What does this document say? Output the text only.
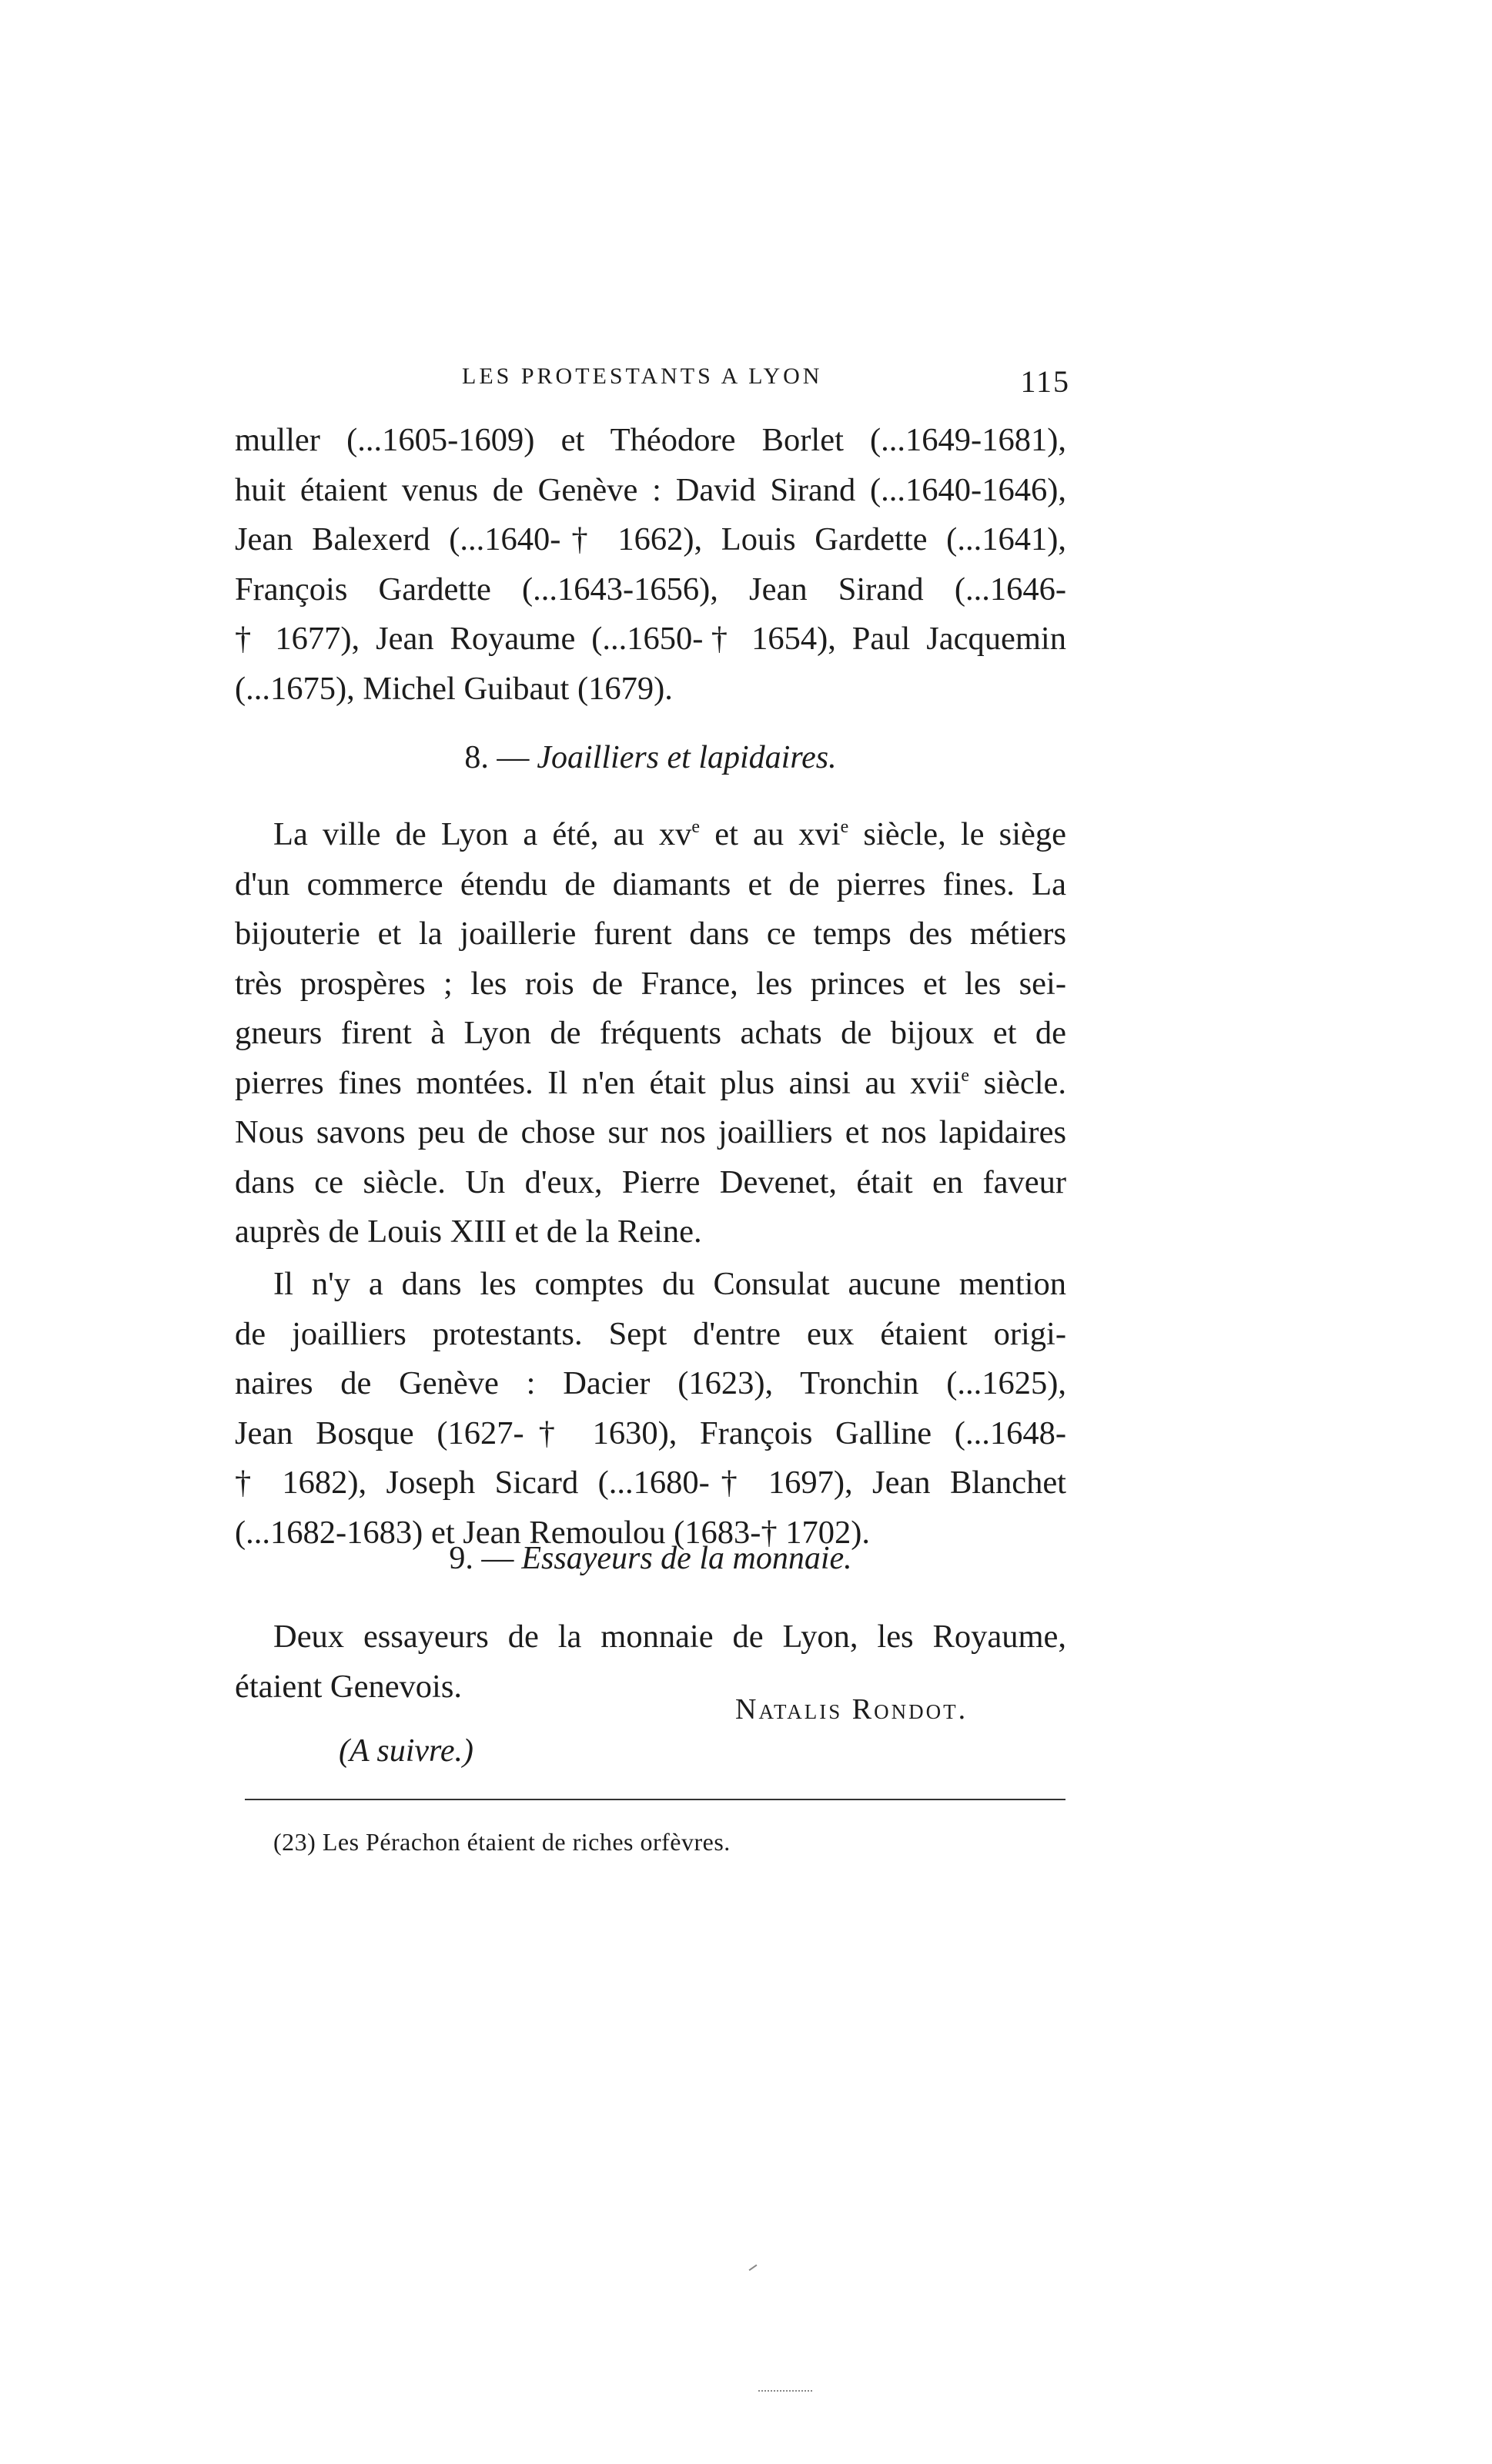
LES PROTESTANTS A LYON	115
muller (...1605-1609) et Théodore Borlet (...1649-1681),
huit étaient venus de Genève : David Sirand (...1640-1646),
Jean Balexerd (...1640-† 1662), Louis Gardette (...1641),
François Gardette (...1643-1656), Jean Sirand (...1646-
† 1677), Jean Royaume (...1650-† 1654), Paul Jacquemin
(...1675), Michel Guibaut (1679).
8. — Joailliers et lapidaires.
La ville de Lyon a été, au $xv^e$ et au xvi$^e$ siècle, le siège
d'un commerce étendu de diamants et de pierres fines. La
bijouterie et la joaillerie furent dans ce temps des métiers
très prospères ; les rois de France, les princes et les sei-
gneurs firent à Lyon de fréquents achats de bijoux et de
pierres fines montées. Il n'en était plus ainsi au xvii$^e$ siècle.
Nous savons peu de chose sur nos joailliers et nos lapidaires
dans ce siècle. Un d'eux, Pierre Devenet, était en faveur
auprès de Louis XIII et de la Reine.
Il n'y a dans les comptes du Consulat aucune mention
de joailliers protestants. Sept d'entre eux étaient origi-
naires de Genève : Dacier (1623), Tronchin (...1625),
Jean Bosque (1627-† 1630), François Galline (...1648-
† 1682), Joseph Sicard (...1680-† 1697), Jean Blanchet
(...1682-1683) et Jean Remoulou (1683-† 1702).
9. — Essayeurs de la monnaie.
Deux essayeurs de la monnaie de Lyon, les Royaume,
étaient Genevois.
Natalis Rondot.
(A suivre.)
(23) Les Pérachon étaient de riches orfèvres.
